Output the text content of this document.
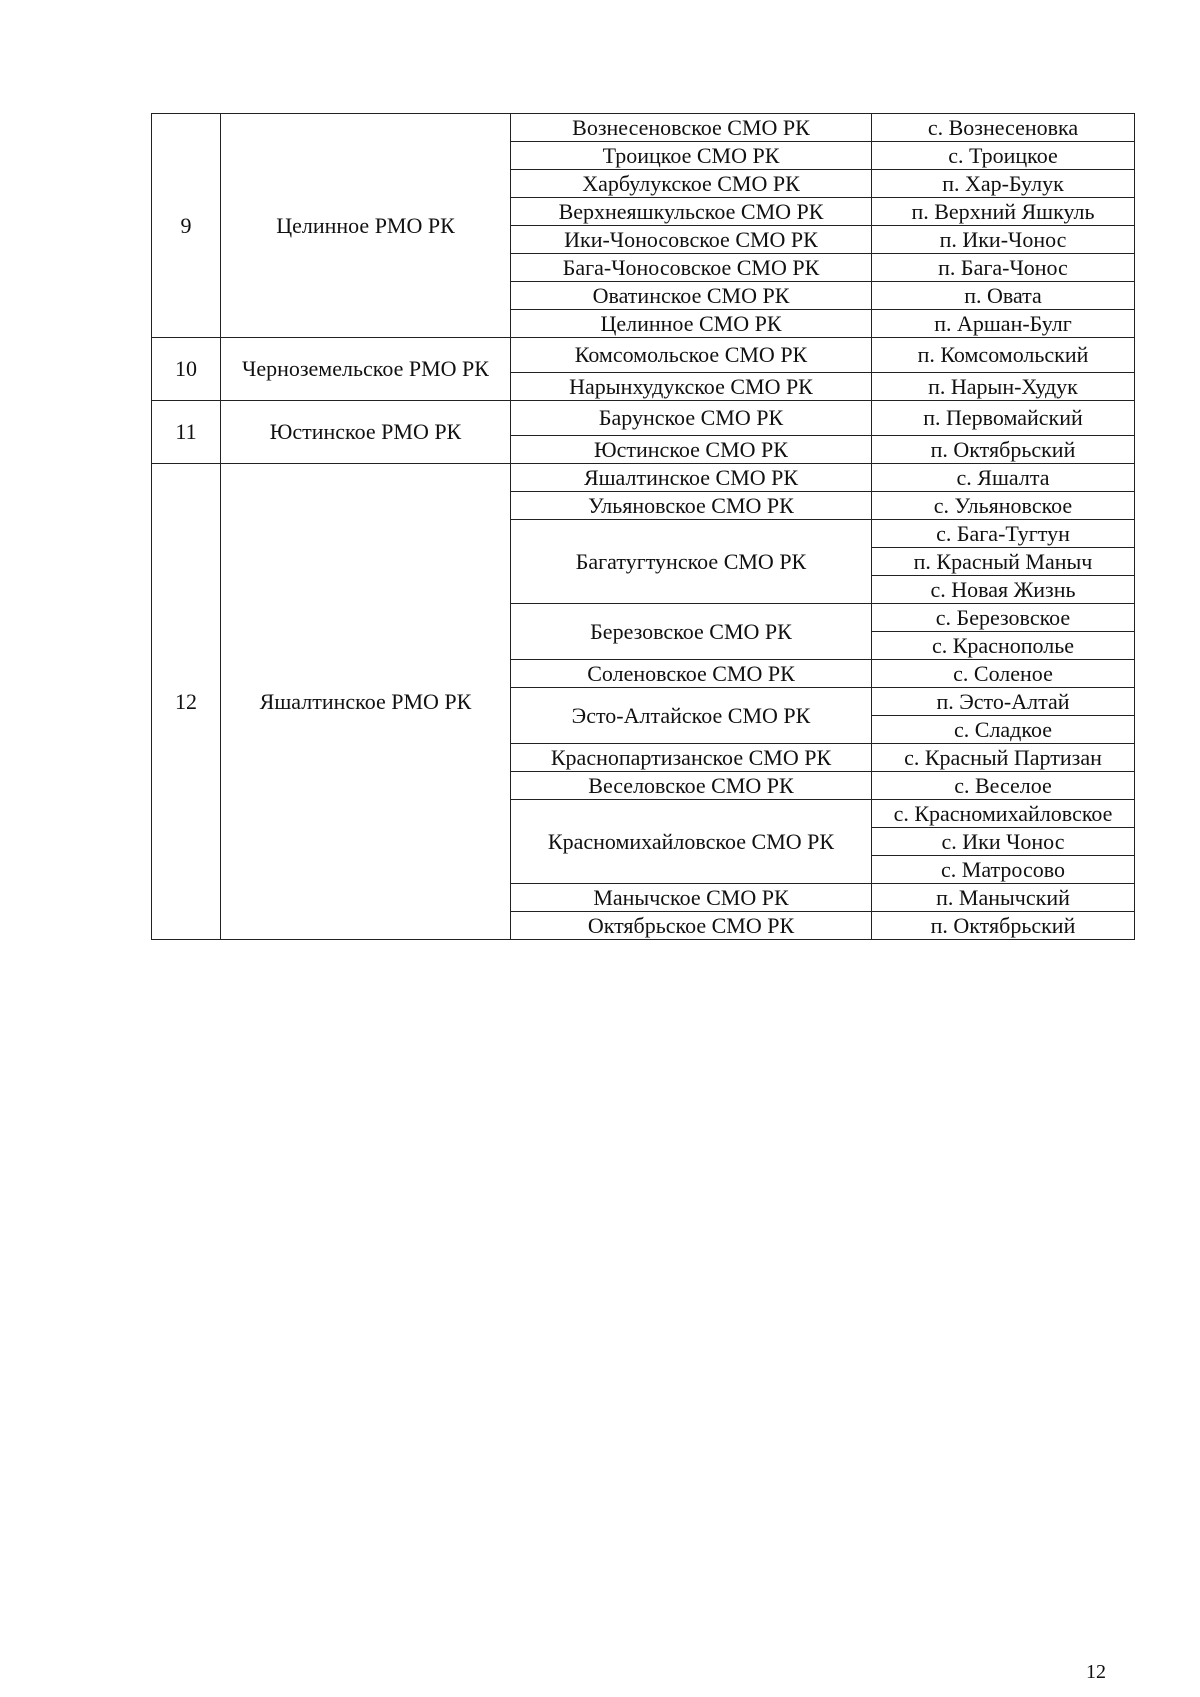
9	Целинное РМО РК	Вознесеновское СМО РК	с. Вознесеновка
		Троицкое СМО РК	с. Троицкое
		Харбулукское СМО РК	п. Хар-Булук
		Верхнеяшкульское СМО РК	п. Верхний Яшкуль
		Ики-Чоносовское СМО РК	п. Ики-Чонос
		Бага-Чоносовское СМО РК	п. Бага-Чонос
		Оватинское СМО РК	п. Овата
		Целинное СМО РК	п. Аршан-Булг
10	Черноземельское РМО РК	Комсомольское СМО РК	п. Комсомольский
		Нарынхудукское СМО РК	п. Нарын-Худук
11	Юстинское РМО РК	Барунское СМО РК	п. Первомайский
		Юстинское СМО РК	п. Октябрьский
12	Яшалтинское РМО РК	Яшалтинское СМО РК	с. Яшалта
		Ульяновское СМО РК	с. Ульяновское
		Багатугтунское СМО РК	с. Бага-Тугтун
			п. Красный Маныч
			с. Новая Жизнь
		Березовское СМО РК	с. Березовское
			с. Краснополье
		Соленовское СМО РК	с. Соленое
		Эсто-Алтайское СМО РК	п. Эсто-Алтай
			с. Сладкое
		Краснопартизанское СМО РК	с. Красный Партизан
		Веселовское СМО РК	с. Веселое
		Красномихайловское СМО РК	с. Красномихайловское
			с. Ики Чонос
			с. Матросово
		Манычское СМО РК	п. Манычский
		Октябрьское СМО РК	п. Октябрьский
12
